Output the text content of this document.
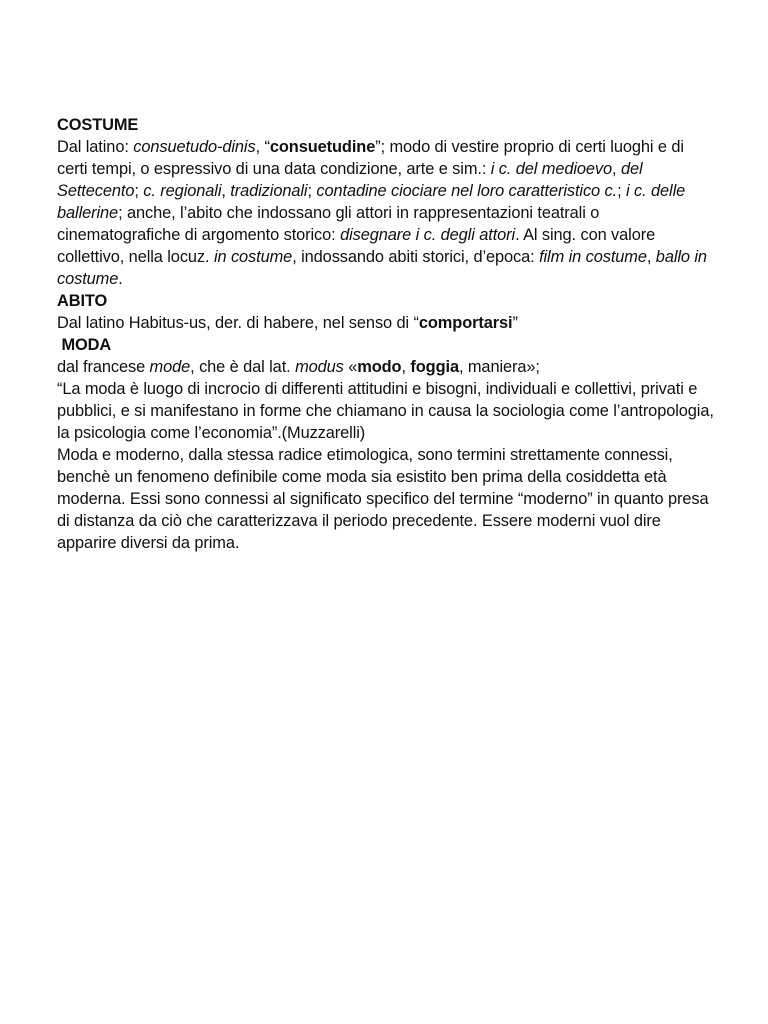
COSTUME
Dal latino: consuetudo-dinis, “consuetudine”; modo di vestire proprio di certi luoghi e di certi tempi, o espressivo di una data condizione, arte e sim.: i c. del medioevo, del Settecento; c. regionali, tradizionali; contadine ciociare nel loro caratteristico c.; i c. delle ballerine; anche, l’abito che indossano gli attori in rappresentazioni teatrali o cinematografiche di argomento storico: disegnare i c. degli attori. Al sing. con valore collettivo, nella locuz. in costume, indossando abiti storici, d’epoca: film in costume, ballo in costume.
ABITO
Dal latino Habitus-us, der. di habere, nel senso di “comportarsi”
MODA
dal francese mode, che è dal lat. modus «modo, foggia, maniera»;
“La moda è luogo di incrocio di differenti attitudini e bisogni, individuali e collettivi, privati e pubblici, e si manifestano in forme che chiamano in causa la sociologia come l’antropologia, la psicologia come l’economia”.(Muzzarelli)
Moda e moderno, dalla stessa radice etimologica, sono termini strettamente connessi, benchè un fenomeno definibile come moda sia esistito ben prima della cosiddetta età moderna. Essi sono connessi al significato specifico del termine “moderno” in quanto presa di distanza da ciò che caratterizzava il periodo precedente. Essere moderni vuol dire apparire diversi da prima.
